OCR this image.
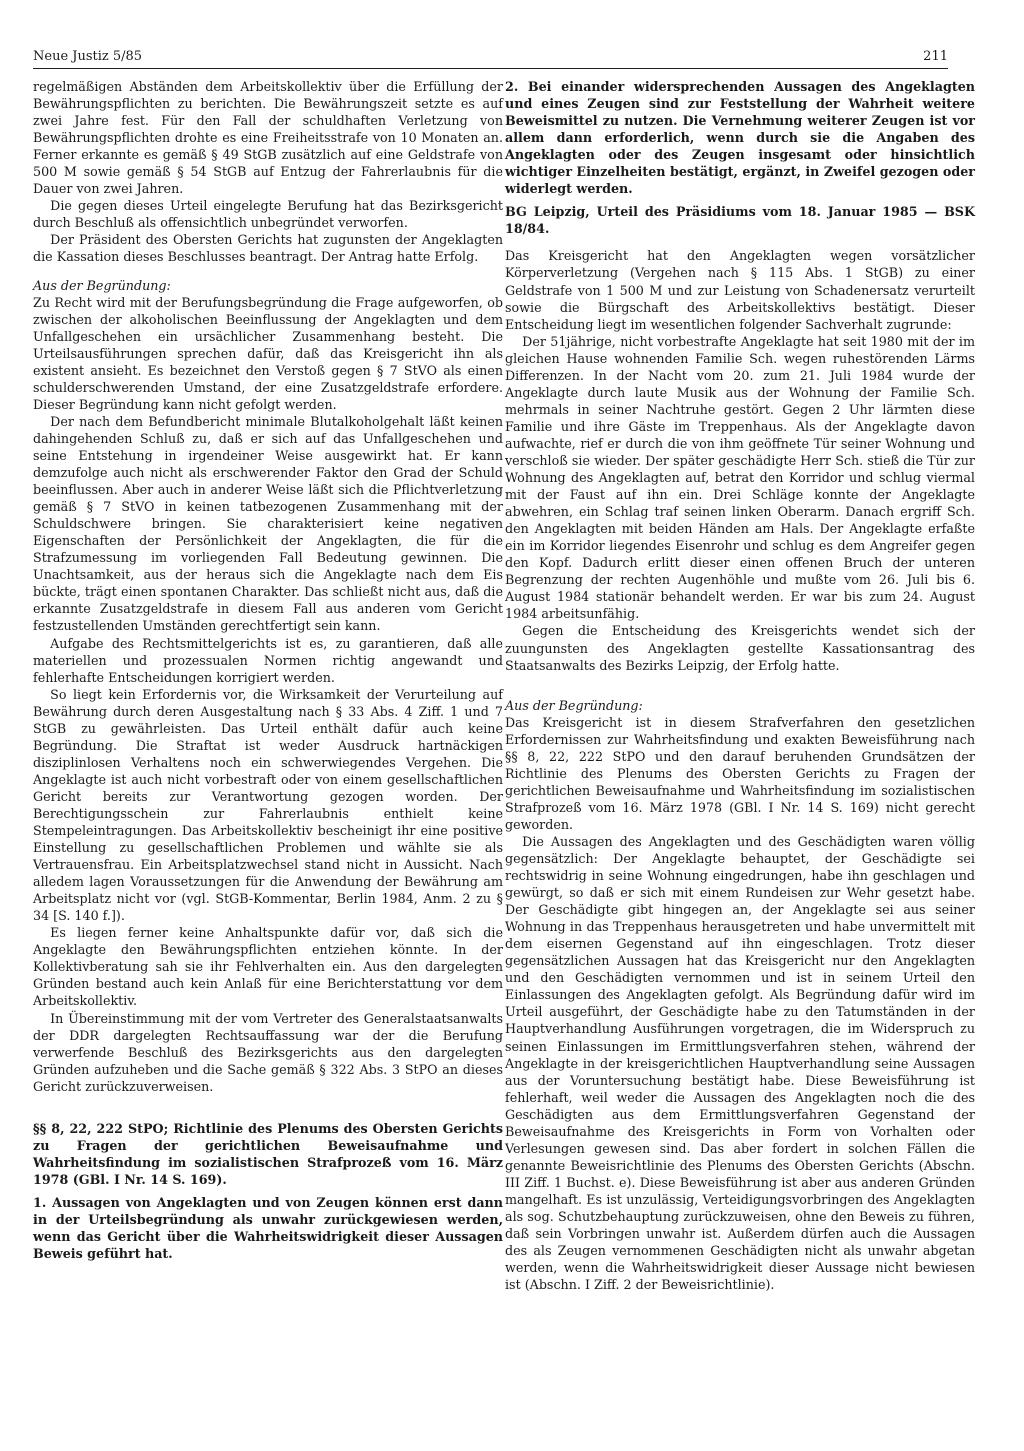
Neue Justiz 5/85	211

regelmäßigen Abständen dem Arbeitskollektiv über die Erfüllung der Bewährungspflichten zu berichten. Die Bewährungszeit setzte es auf zwei Jahre fest. Für den Fall der schuldhaften Verletzung von Bewährungspflichten drohte es eine Freiheitsstrafe von 10 Monaten an. Ferner erkannte es gemäß § 49 StGB zusätzlich auf eine Geldstrafe von 500 M sowie gemäß § 54 StGB auf Entzug der Fahrerlaubnis für die Dauer von zwei Jahren.

Die gegen dieses Urteil eingelegte Berufung hat das Bezirksgericht durch Beschluß als offensichtlich unbegründet verworfen.

Der Präsident des Obersten Gerichts hat zugunsten der Angeklagten die Kassation dieses Beschlusses beantragt. Der Antrag hatte Erfolg.

Aus der Begründung:

Zu Recht wird mit der Berufungsbegründung die Frage aufgeworfen, ob zwischen der alkoholischen Beeinflussung der Angeklagten und dem Unfallgeschehen ein ursächlicher Zusammenhang besteht. Die Urteilsausführungen sprechen dafür, daß das Kreisgericht ihn als existent ansieht. Es bezeichnet den Verstoß gegen § 7 StVO als einen schulderschwerenden Umstand, der eine Zusatzgeldstrafe erfordere. Dieser Begründung kann nicht gefolgt werden.

Der nach dem Befundbericht minimale Blutalkoholgehalt läßt keinen dahingehenden Schluß zu, daß er sich auf das Unfallgeschehen und seine Entstehung in irgendeiner Weise ausgewirkt hat. Er kann demzufolge auch nicht als erschwerender Faktor den Grad der Schuld beeinflussen. Aber auch in anderer Weise läßt sich die Pflichtverletzung gemäß § 7 StVO in keinen tatbezogenen Zusammenhang mit der Schuldschwere bringen. Sie charakterisiert keine negativen Eigenschaften der Persönlichkeit der Angeklagten, die für die Strafzumessung im vorliegenden Fall Bedeutung gewinnen. Die Unachtsamkeit, aus der heraus sich die Angeklagte nach dem Eis bückte, trägt einen spontanen Charakter. Das schließt nicht aus, daß die erkannte Zusatzgeldstrafe in diesem Fall aus anderen vom Gericht festzustellenden Umständen gerechtfertigt sein kann.

Aufgabe des Rechtsmittelgerichts ist es, zu garantieren, daß alle materiellen und prozessualen Normen richtig angewandt und fehlerhafte Entscheidungen korrigiert werden.

So liegt kein Erfordernis vor, die Wirksamkeit der Verurteilung auf Bewährung durch deren Ausgestaltung nach § 33 Abs. 4 Ziff. 1 und 7 StGB zu gewährleisten. Das Urteil enthält dafür auch keine Begründung. Die Straftat ist weder Ausdruck hartnäckigen disziplinlosen Verhaltens noch ein schwerwiegendes Vergehen. Die Angeklagte ist auch nicht vorbestraft oder von einem gesellschaftlichen Gericht bereits zur Verantwortung gezogen worden. Der Berechtigungsschein zur Fahrerlaubnis enthielt keine Stempeleintragungen. Das Arbeitskollektiv bescheinigt ihr eine positive Einstellung zu gesellschaftlichen Problemen und wählte sie als Vertrauensfrau. Ein Arbeitsplatzwechsel stand nicht in Aussicht. Nach alledem lagen Voraussetzungen für die Anwendung der Bewährung am Arbeitsplatz nicht vor (vgl. StGB-Kommentar, Berlin 1984, Anm. 2 zu § 34 [S. 140 f.]).

Es liegen ferner keine Anhaltspunkte dafür vor, daß sich die Angeklagte den Bewährungspflichten entziehen könnte. In der Kollektivberatung sah sie ihr Fehlverhalten ein. Aus den dargelegten Gründen bestand auch kein Anlaß für eine Berichterstattung vor dem Arbeitskollektiv.

In Übereinstimmung mit der vom Vertreter des Generalstaatsanwalts der DDR dargelegten Rechtsauffassung war der die Berufung verwerfende Beschluß des Bezirksgerichts aus den dargelegten Gründen aufzuheben und die Sache gemäß § 322 Abs. 3 StPO an dieses Gericht zurückzuverweisen.

§§ 8, 22, 222 StPO; Richtlinie des Plenums des Obersten Gerichts zu Fragen der gerichtlichen Beweisaufnahme und Wahrheitsfindung im sozialistischen Strafprozeß vom 16. März 1978 (GBl. I Nr. 14 S. 169).

1. Aussagen von Angeklagten und von Zeugen können erst dann in der Urteilsbegründung als unwahr zurückgewiesen werden, wenn das Gericht über die Wahrheitswidrigkeit dieser Aussagen Beweis geführt hat.

2. Bei einander widersprechenden Aussagen des Angeklagten und eines Zeugen sind zur Feststellung der Wahrheit weitere Beweismittel zu nutzen. Die Vernehmung weiterer Zeugen ist vor allem dann erforderlich, wenn durch sie die Angaben des Angeklagten oder des Zeugen insgesamt oder hinsichtlich wichtiger Einzelheiten bestätigt, ergänzt, in Zweifel gezogen oder widerlegt werden.

BG Leipzig, Urteil des Präsidiums vom 18. Januar 1985 — BSK 18/84.

Das Kreisgericht hat den Angeklagten wegen vorsätzlicher Körperverletzung (Vergehen nach § 115 Abs. 1 StGB) zu einer Geldstrafe von 1 500 M und zur Leistung von Schadenersatz verurteilt sowie die Bürgschaft des Arbeitskollektivs bestätigt. Dieser Entscheidung liegt im wesentlichen folgender Sachverhalt zugrunde:

Der 51jährige, nicht vorbestrafte Angeklagte hat seit 1980 mit der im gleichen Hause wohnenden Familie Sch. wegen ruhestörenden Lärms Differenzen. In der Nacht vom 20. zum 21. Juli 1984 wurde der Angeklagte durch laute Musik aus der Wohnung der Familie Sch. mehrmals in seiner Nachtruhe gestört. Gegen 2 Uhr lärmten diese Familie und ihre Gäste im Treppenhaus. Als der Angeklagte davon aufwachte, rief er durch die von ihm geöffnete Tür seiner Wohnung und verschloß sie wieder. Der später geschädigte Herr Sch. stieß die Tür zur Wohnung des Angeklagten auf, betrat den Korridor und schlug viermal mit der Faust auf ihn ein. Drei Schläge konnte der Angeklagte abwehren, ein Schlag traf seinen linken Oberarm. Danach ergriff Sch. den Angeklagten mit beiden Händen am Hals. Der Angeklagte erfaßte ein im Korridor liegendes Eisenrohr und schlug es dem Angreifer gegen den Kopf. Dadurch erlitt dieser einen offenen Bruch der unteren Begrenzung der rechten Augenhöhle und mußte vom 26. Juli bis 6. August 1984 stationär behandelt werden. Er war bis zum 24. August 1984 arbeitsunfähig.

Gegen die Entscheidung des Kreisgerichts wendet sich der zuungunsten des Angeklagten gestellte Kassationsantrag des Staatsanwalts des Bezirks Leipzig, der Erfolg hatte.

Aus der Begründung:

Das Kreisgericht ist in diesem Strafverfahren den gesetzlichen Erfordernissen zur Wahrheitsfindung und exakten Beweisführung nach §§ 8, 22, 222 StPO und den darauf beruhenden Grundsätzen der Richtlinie des Plenums des Obersten Gerichts zu Fragen der gerichtlichen Beweisaufnahme und Wahrheitsfindung im sozialistischen Strafprozeß vom 16. März 1978 (GBl. I Nr. 14 S. 169) nicht gerecht geworden.

Die Aussagen des Angeklagten und des Geschädigten waren völlig gegensätzlich: Der Angeklagte behauptet, der Geschädigte sei rechtswidrig in seine Wohnung eingedrungen, habe ihn geschlagen und gewürgt, so daß er sich mit einem Rundeisen zur Wehr gesetzt habe. Der Geschädigte gibt hingegen an, der Angeklagte sei aus seiner Wohnung in das Treppenhaus herausgetreten und habe unvermittelt mit dem eisernen Gegenstand auf ihn eingeschlagen. Trotz dieser gegensätzlichen Aussagen hat das Kreisgericht nur den Angeklagten und den Geschädigten vernommen und ist in seinem Urteil den Einlassungen des Angeklagten gefolgt. Als Begründung dafür wird im Urteil ausgeführt, der Geschädigte habe zu den Tatumständen in der Hauptverhandlung Ausführungen vorgetragen, die im Widerspruch zu seinen Einlassungen im Ermittlungsverfahren stehen, während der Angeklagte in der kreisgerichtlichen Hauptverhandlung seine Aussagen aus der Voruntersuchung bestätigt habe. Diese Beweisführung ist fehlerhaft, weil weder die Aussagen des Angeklagten noch die des Geschädigten aus dem Ermittlungsverfahren Gegenstand der Beweisaufnahme des Kreisgerichts in Form von Vorhalten oder Verlesungen gewesen sind. Das aber fordert in solchen Fällen die genannte Beweisrichtlinie des Plenums des Obersten Gerichts (Abschn. III Ziff. 1 Buchst. e). Diese Beweisführung ist aber aus anderen Gründen mangelhaft. Es ist unzulässig, Verteidigungsvorbringen des Angeklagten als sog. Schutzbehauptung zurückzuweisen, ohne den Beweis zu führen, daß sein Vorbringen unwahr ist. Außerdem dürfen auch die Aussagen des als Zeugen vernommenen Geschädigten nicht als unwahr abgetan werden, wenn die Wahrheitswidrigkeit dieser Aussage nicht bewiesen ist (Abschn. I Ziff. 2 der Beweisrichtlinie).
